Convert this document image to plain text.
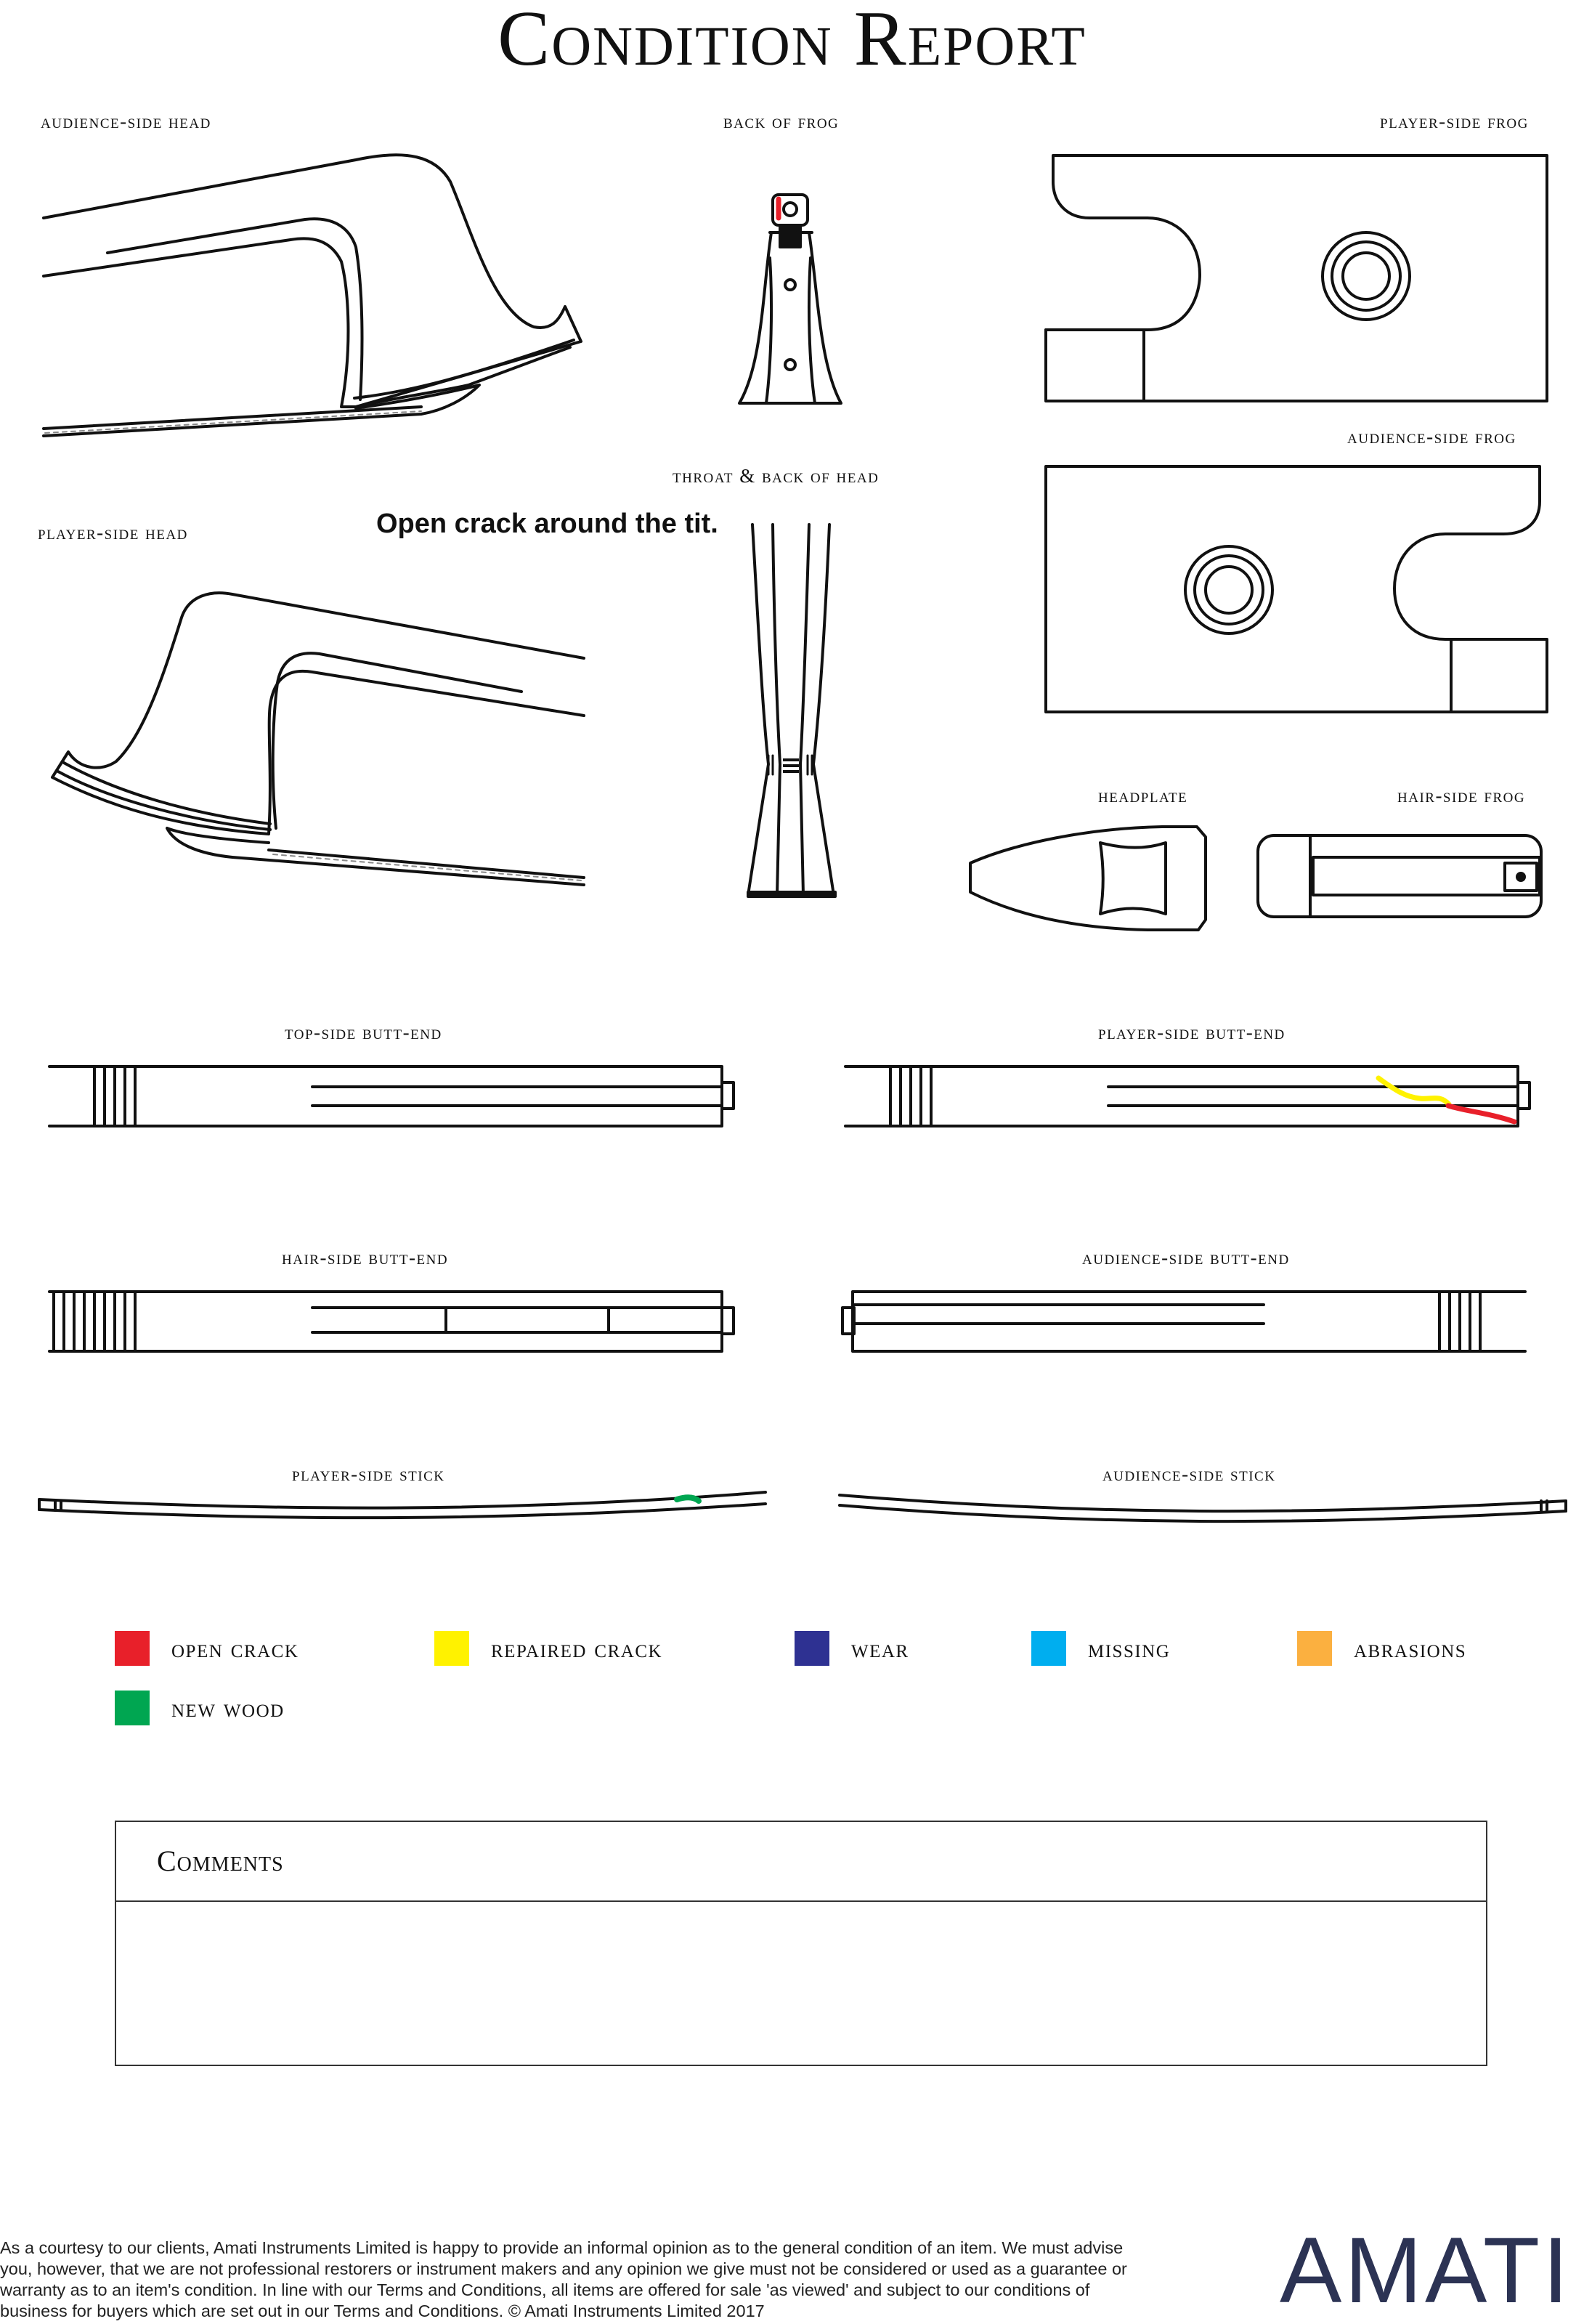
Condition Report
audience-side head	back of frog	player-side frog
audience-side frog
throat & back of head
player-side head
headplate	hair-side frog
top-side butt-end	player-side butt-end
hair-side butt-end	audience-side butt-end
player-side stick	audience-side stick
Open crack around the tit.
open crack	repaired crack	wear	missing	abrasions
new wood
Comments
As a courtesy to our clients, Amati Instruments Limited is happy to provide an informal opinion as to the general condition of an item. We must advise you, however, that we are not professional restorers or instrument makers and any opinion we give must not be considered or used as a guarantee or warranty as to an item's condition. In line with our Terms and Conditions, all items are offered for sale 'as viewed' and subject to our conditions of business for buyers which are set out in our Terms and Conditions. © Amati Instruments Limited 2017	AMATI
